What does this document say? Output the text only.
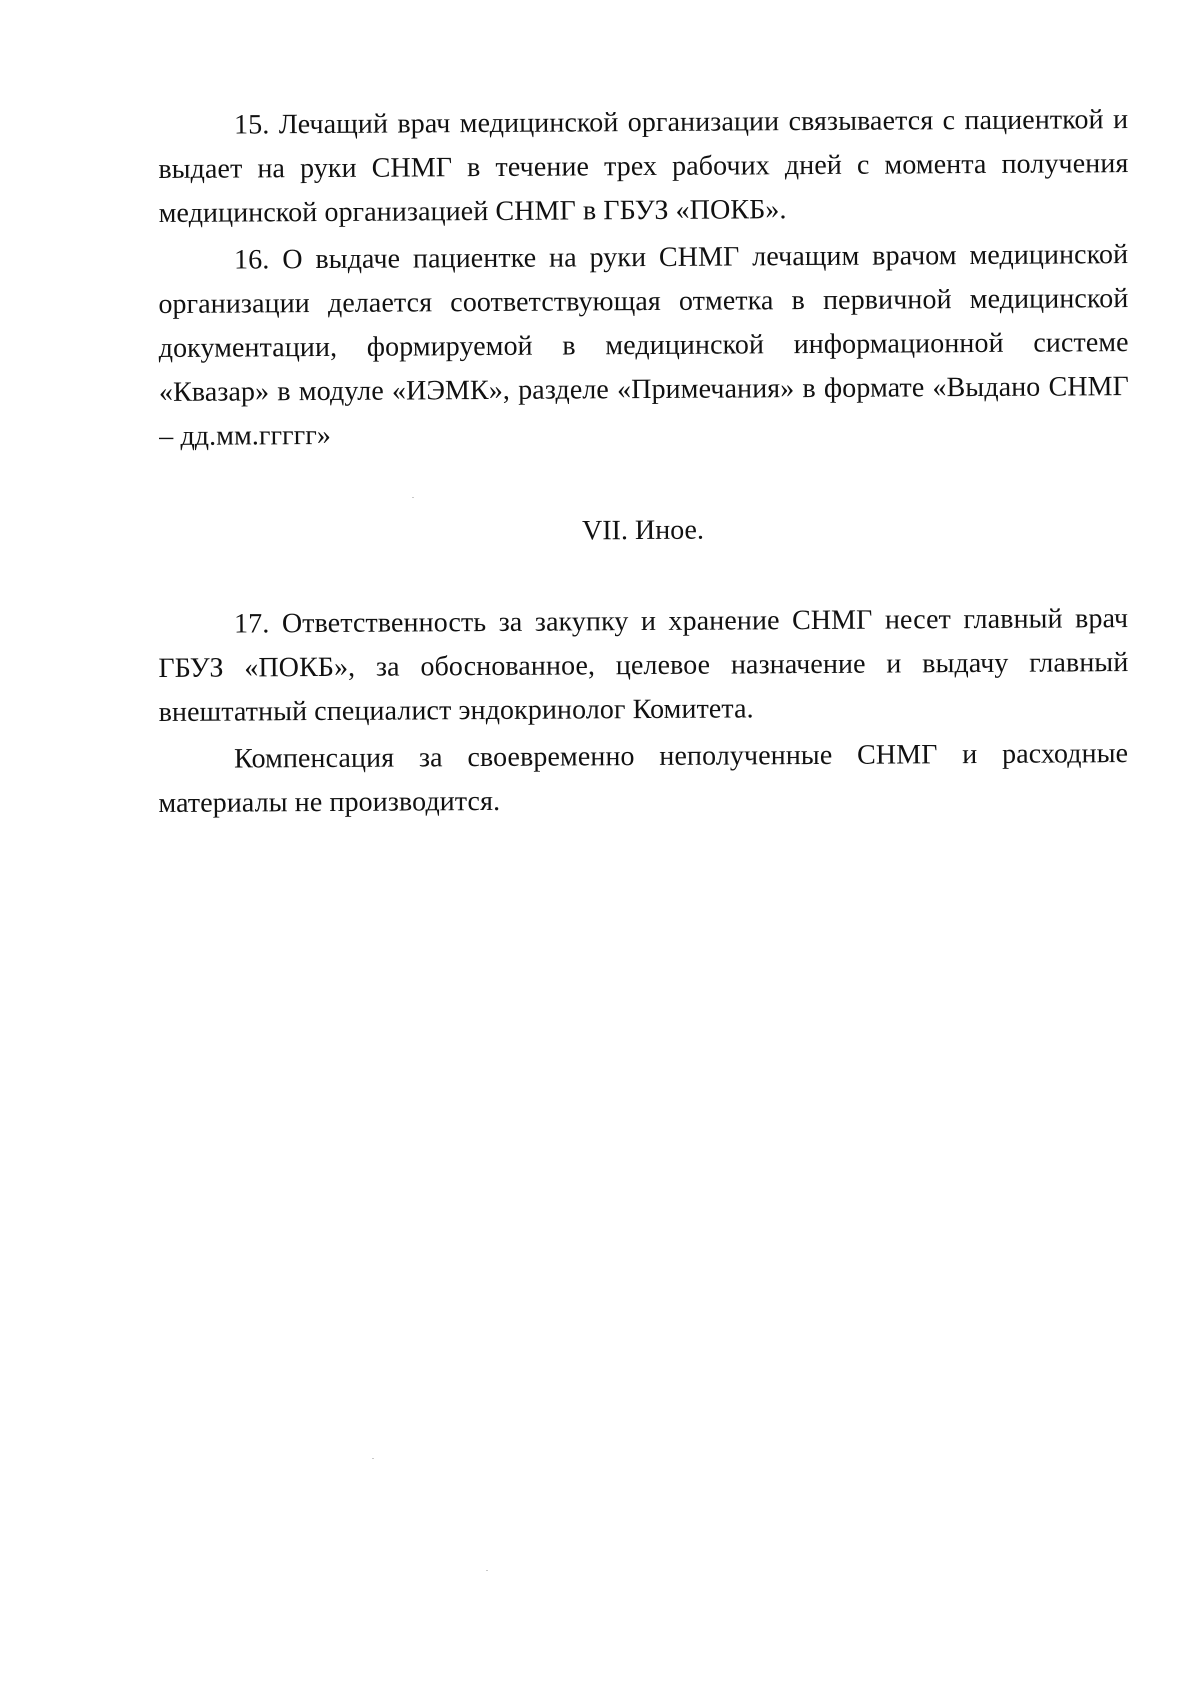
15. Лечащий врач медицинской организации связывается с пациенткой и выдает на руки СНМГ в течение трех рабочих дней с момента получения медицинской организацией СНМГ в ГБУЗ «ПОКБ».

16. О выдаче пациентке на руки СНМГ лечащим врачом медицинской организации делается соответствующая отметка в первичной медицинской документации, формируемой в медицинской информационной системе «Квазар» в модуле «ИЭМК», разделе «Примечания» в формате «Выдано СНМГ – дд.мм.ггггг»

VII. Иное.

17. Ответственность за закупку и хранение СНМГ несет главный врач ГБУЗ «ПОКБ», за обоснованное, целевое назначение и выдачу главный внештатный специалист эндокринолог Комитета.

Компенсация за своевременно неполученные СНМГ и расходные материалы не производится.
